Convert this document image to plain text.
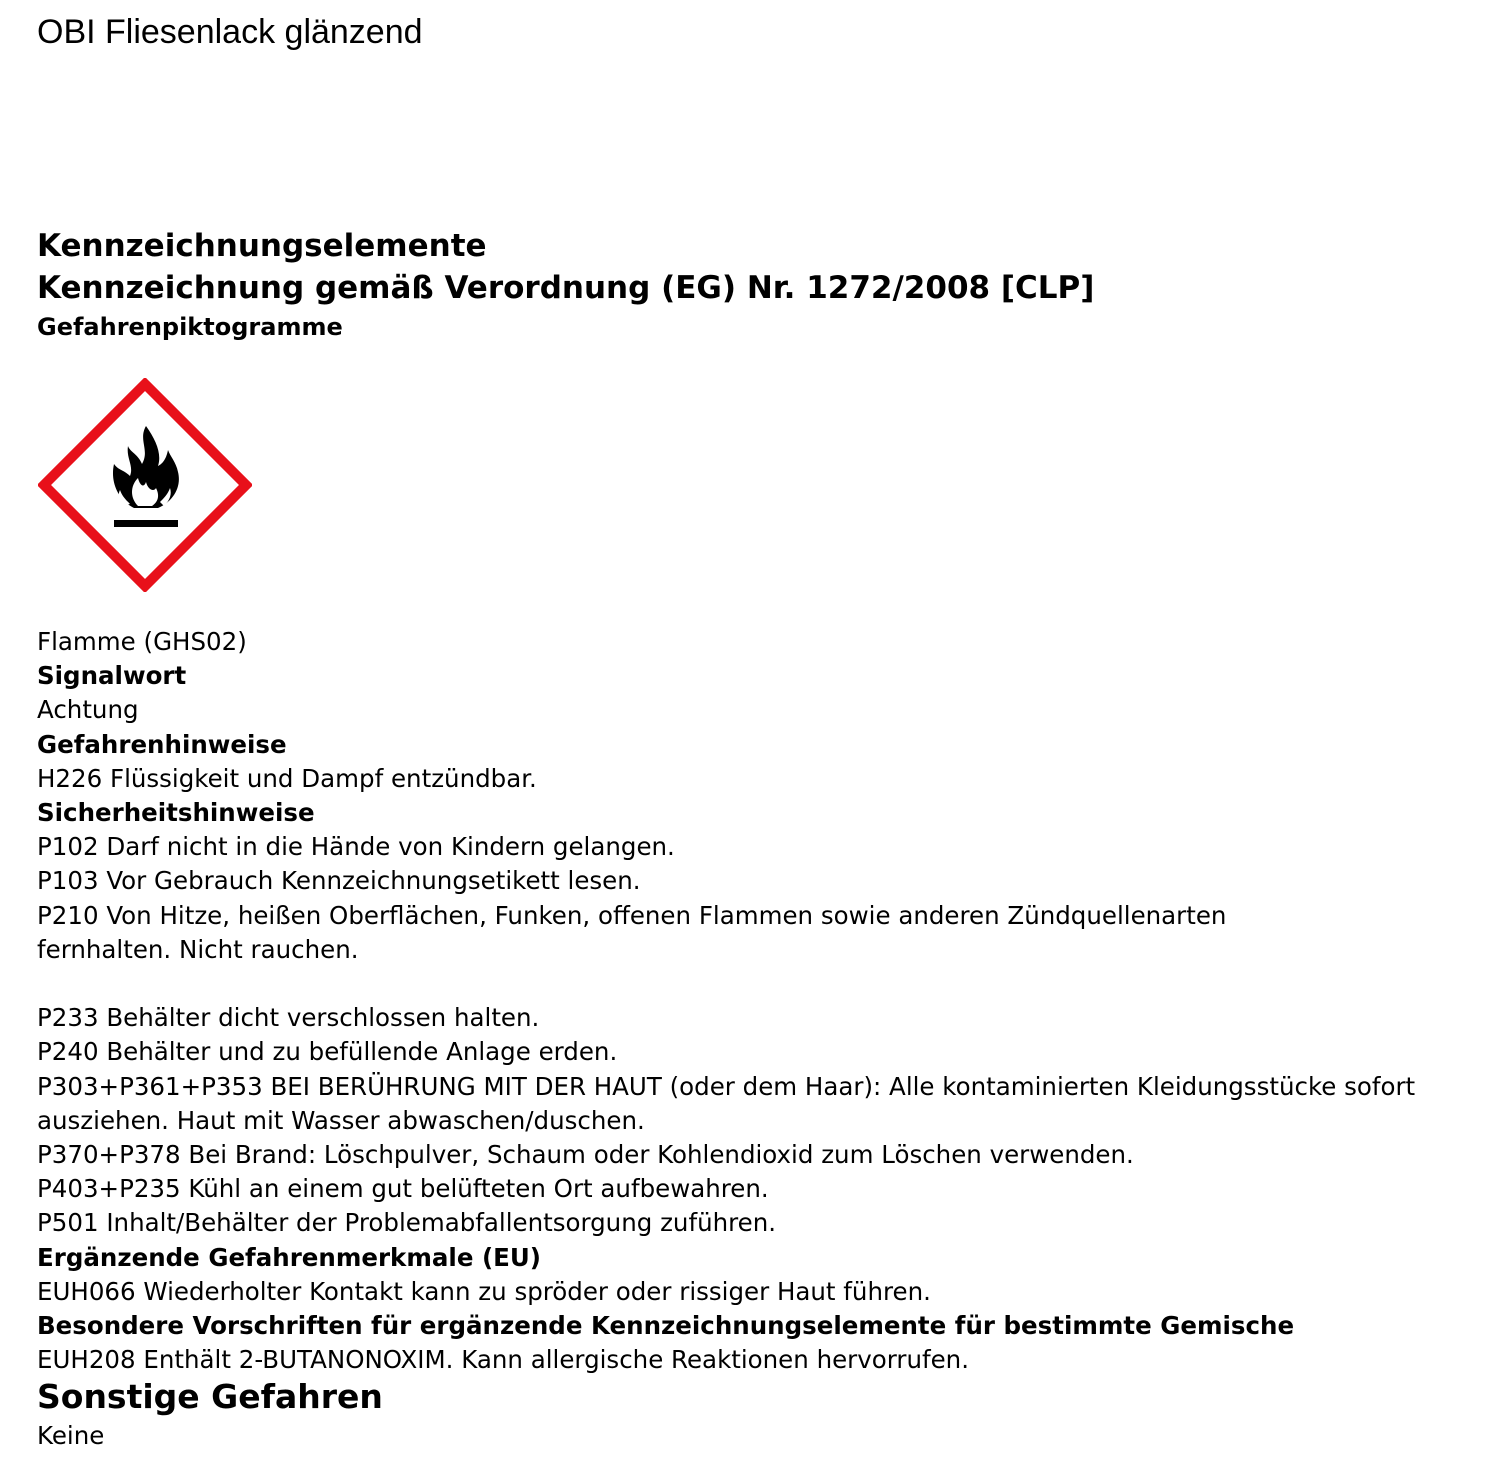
OBI Fliesenlack glänzend
Kennzeichnungselemente
Kennzeichnung gemäß Verordnung (EG) Nr. 1272/2008 [CLP]
Gefahrenpiktogramme
Flamme (GHS02)
Signalwort
Achtung
Gefahrenhinweise
H226 Flüssigkeit und Dampf entzündbar.
Sicherheitshinweise
P102 Darf nicht in die Hände von Kindern gelangen.
P103 Vor Gebrauch Kennzeichnungsetikett lesen.
P210 Von Hitze, heißen Oberflächen, Funken, offenen Flammen sowie anderen Zündquellenarten
fernhalten. Nicht rauchen.
P233 Behälter dicht verschlossen halten.
P240 Behälter und zu befüllende Anlage erden.
P303+P361+P353 BEI BERÜHRUNG MIT DER HAUT (oder dem Haar): Alle kontaminierten Kleidungsstücke sofort
ausziehen. Haut mit Wasser abwaschen/duschen.
P370+P378 Bei Brand: Löschpulver, Schaum oder Kohlendioxid zum Löschen verwenden.
P403+P235 Kühl an einem gut belüfteten Ort aufbewahren.
P501 Inhalt/Behälter der Problemabfallentsorgung zuführen.
Ergänzende Gefahrenmerkmale (EU)
EUH066 Wiederholter Kontakt kann zu spröder oder rissiger Haut führen.
Besondere Vorschriften für ergänzende Kennzeichnungselemente für bestimmte Gemische
EUH208 Enthält 2-BUTANONOXIM. Kann allergische Reaktionen hervorrufen.
Sonstige Gefahren
Keine
